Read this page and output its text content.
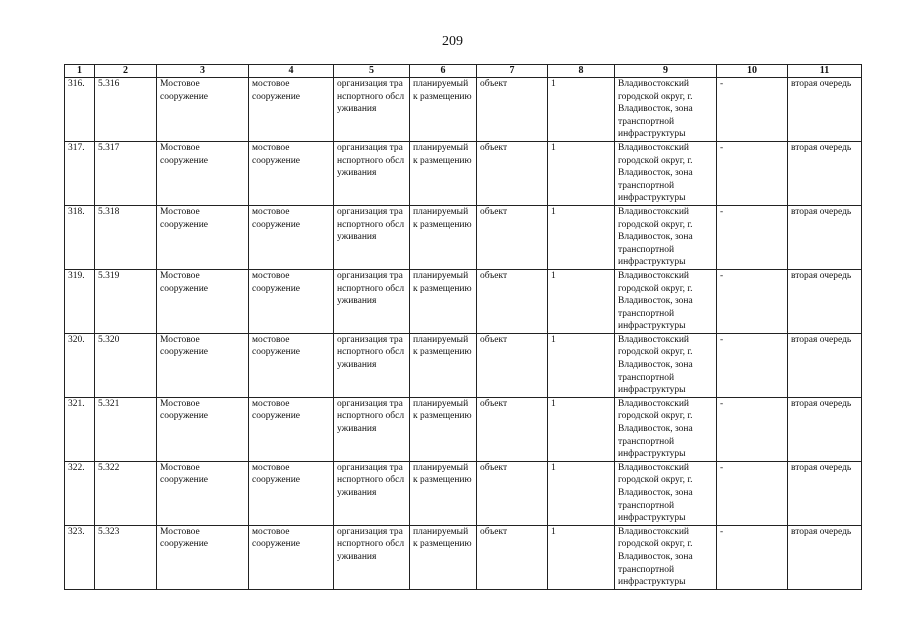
209
1	2	3	4	5	6	7	8	9	10	11
316.	5.316	Мостовое сооружение	мостовое сооружение	организация транспортного обслуживания	планируемый к размещению	объект	1	Владивостокский городской округ, г. Владивосток, зона транспортной инфраструктуры	-	вторая очередь
317.	5.317	Мостовое сооружение	мостовое сооружение	организация транспортного обслуживания	планируемый к размещению	объект	1	Владивостокский городской округ, г. Владивосток, зона транспортной инфраструктуры	-	вторая очередь
318.	5.318	Мостовое сооружение	мостовое сооружение	организация транспортного обслуживания	планируемый к размещению	объект	1	Владивостокский городской округ, г. Владивосток, зона транспортной инфраструктуры	-	вторая очередь
319.	5.319	Мостовое сооружение	мостовое сооружение	организация транспортного обслуживания	планируемый к размещению	объект	1	Владивостокский городской округ, г. Владивосток, зона транспортной инфраструктуры	-	вторая очередь
320.	5.320	Мостовое сооружение	мостовое сооружение	организация транспортного обслуживания	планируемый к размещению	объект	1	Владивостокский городской округ, г. Владивосток, зона транспортной инфраструктуры	-	вторая очередь
321.	5.321	Мостовое сооружение	мостовое сооружение	организация транспортного обслуживания	планируемый к размещению	объект	1	Владивостокский городской округ, г. Владивосток, зона транспортной инфраструктуры	-	вторая очередь
322.	5.322	Мостовое сооружение	мостовое сооружение	организация транспортного обслуживания	планируемый к размещению	объект	1	Владивостокский городской округ, г. Владивосток, зона транспортной инфраструктуры	-	вторая очередь
323.	5.323	Мостовое сооружение	мостовое сооружение	организация транспортного обслуживания	планируемый к размещению	объект	1	Владивостокский городской округ, г. Владивосток, зона транспортной инфраструктуры	-	вторая очередь
